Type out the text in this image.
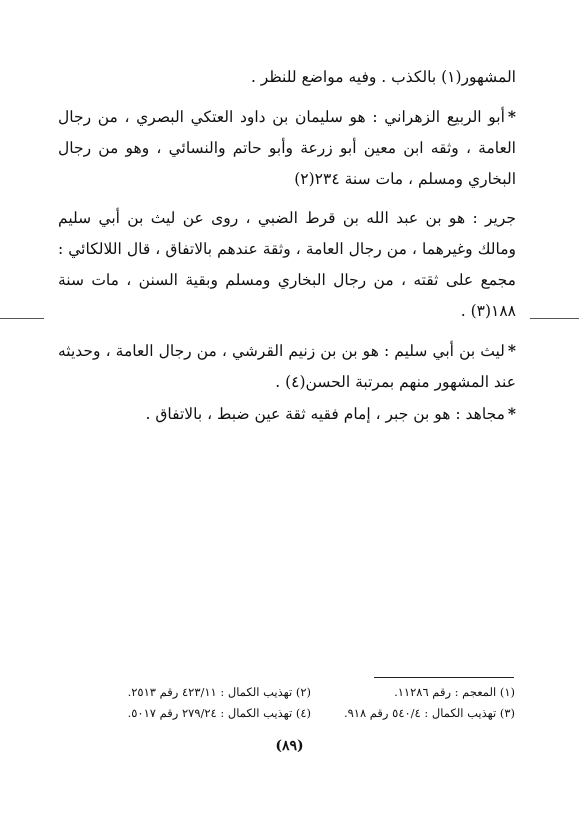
المشهور(١) بالكذب . وفيه مواضع للنظر .

*أبو الربيع الزهراني : هو سليمان بن داود العتكي البصري ، من رجال العامة ، وثقه ابن معين أبو زرعة وأبو حاتم والنسائي ، وهو من رجال البخاري ومسلم ، مات سنة ٢٣٤(٢)

جرير : هو بن عبد الله بن قرط الضبي ، روى عن ليث بن أبي سليم ومالك وغيرهما ، من رجال العامة ، وثقة عندهم بالاتفاق ، قال اللالكائي : مجمع على ثقته ، من رجال البخاري ومسلم وبقية السنن ، مات سنة ١٨٨(٣) .

*ليث بن أبي سليم : هو بن بن زنيم القرشي ، من رجال العامة ، وحديثه عند المشهور منهم بمرتبة الحسن(٤) .

*مجاهد : هو بن جبر ، إمام فقيه ثقة عين ضبط ، بالاتفاق .

(١) المعجم : رقم ١١٢٨٦.
(٢) تهذيب الكمال : ٤٢٣/١١ رقم ٢٥١٣.
(٣) تهذيب الكمال : ٥٤٠/٤ رقم ٩١٨.
(٤) تهذيب الكمال : ٢٧٩/٢٤ رقم ٥٠١٧.
(٨٩)
